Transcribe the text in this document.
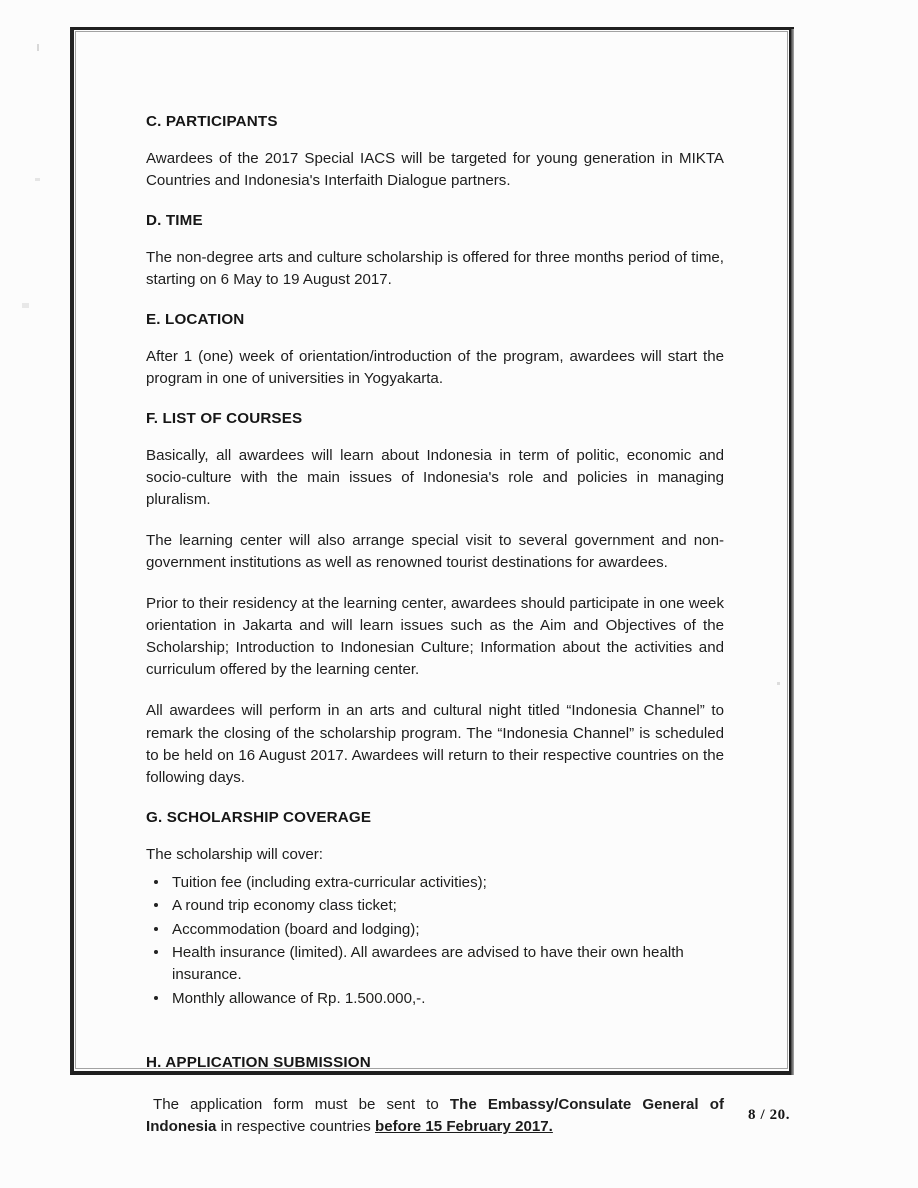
C. PARTICIPANTS

Awardees of the 2017 Special IACS will be targeted for young generation in MIKTA Countries and Indonesia's Interfaith Dialogue partners.

D. TIME

The non-degree arts and culture scholarship is offered for three months period of time, starting on 6 May to 19 August 2017.

E. LOCATION

After 1 (one) week of orientation/introduction of the program, awardees will start the program in one of universities in Yogyakarta.

F. LIST OF COURSES

Basically, all awardees will learn about Indonesia in term of politic, economic and socio-culture with the main issues of Indonesia's role and policies in managing pluralism.

The learning center will also arrange special visit to several government and non-government institutions as well as renowned tourist destinations for awardees.

Prior to their residency at the learning center, awardees should participate in one week orientation in Jakarta and will learn issues such as the Aim and Objectives of the Scholarship; Introduction to Indonesian Culture; Information about the activities and curriculum offered by the learning center.

All awardees will perform in an arts and cultural night titled “Indonesia Channel” to remark the closing of the scholarship program. The “Indonesia Channel” is scheduled to be held on 16 August 2017. Awardees will return to their respective countries on the following days.

G. SCHOLARSHIP COVERAGE

The scholarship will cover:

Tuition fee (including extra-curricular activities);
A round trip economy class ticket;
Accommodation (board and lodging);
Health insurance (limited). All awardees are advised to have their own health insurance.
Monthly allowance of Rp. 1.500.000,-.
H. APPLICATION SUBMISSION

The application form must be sent to The Embassy/Consulate General of Indonesia in respective countries before 15 February 2017.

8 / 20.
